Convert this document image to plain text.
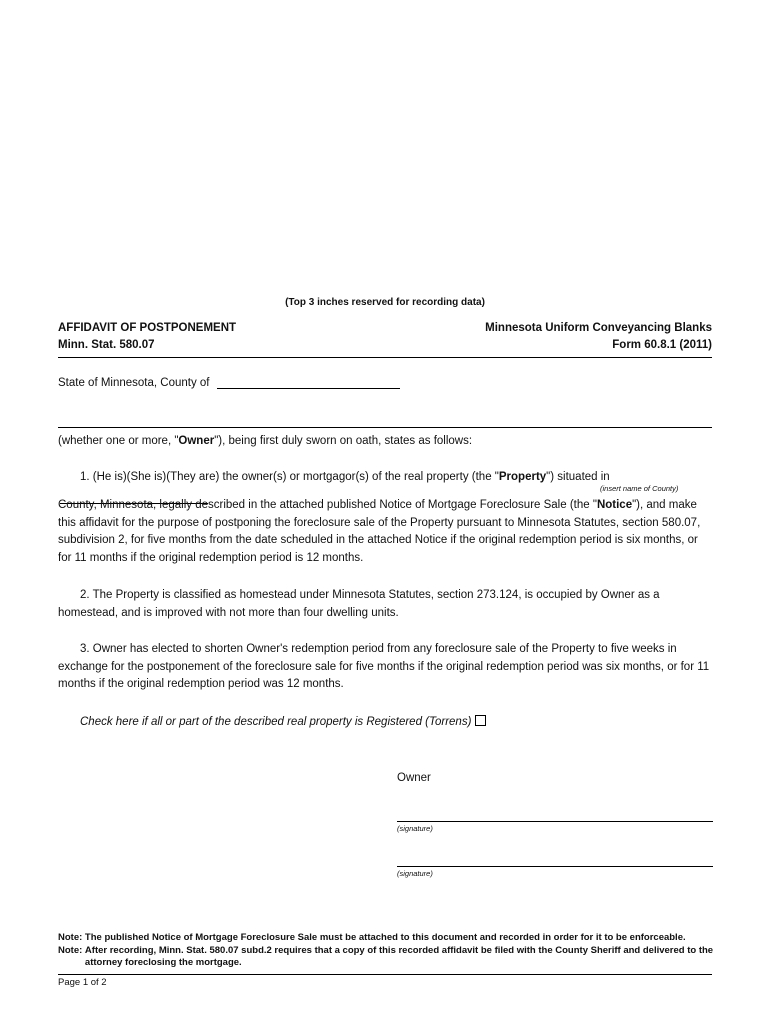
(Top 3 inches reserved for recording data)
AFFIDAVIT OF POSTPONEMENT
Minn. Stat. 580.07
Minnesota Uniform Conveyancing Blanks
Form 60.8.1 (2011)
State of Minnesota, County of
(whether one or more, "Owner"), being first duly sworn on oath, states as follows:
1. (He is)(She is)(They are) the owner(s) or mortgagor(s) of the real property (the "Property") situated in
(insert name of County)
County, Minnesota, legally described in the attached published Notice of Mortgage Foreclosure Sale (the "Notice"), and make this affidavit for the purpose of postponing the foreclosure sale of the Property pursuant to Minnesota Statutes, section 580.07, subdivision 2, for five months from the date scheduled in the attached Notice if the original redemption period is six months, or for 11 months if the original redemption period is 12 months.
2. The Property is classified as homestead under Minnesota Statutes, section 273.124, is occupied by Owner as a homestead, and is improved with not more than four dwelling units.
3. Owner has elected to shorten Owner's redemption period from any foreclosure sale of the Property to five weeks in exchange for the postponement of the foreclosure sale for five months if the original redemption period was six months, or for 11 months if the original redemption period was 12 months.
Check here if all or part of the described real property is Registered (Torrens)
Owner
(signature)
(signature)
Note: The published Notice of Mortgage Foreclosure Sale must be attached to this document and recorded in order for it to be enforceable.
Note: After recording, Minn. Stat. 580.07 subd.2 requires that a copy of this recorded affidavit be filed with the County Sheriff and delivered to the attorney foreclosing the mortgage.
Page 1 of 2
